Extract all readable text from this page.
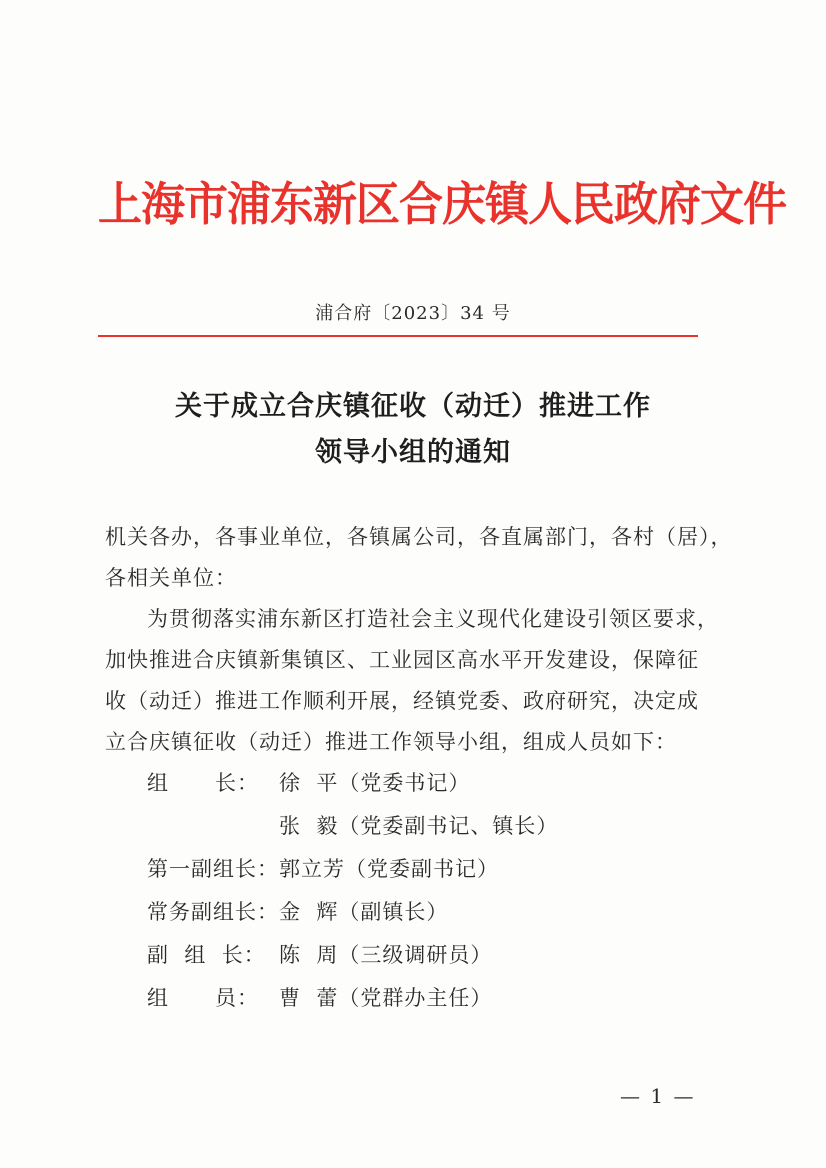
上海市浦东新区合庆镇人民政府文件
浦合府〔2023〕34 号
关于成立合庆镇征收（动迁）推进工作
领导小组的通知

机关各办，各事业单位，各镇属公司，各直属部门，各村（居），

各相关单位：

为贯彻落实浦东新区打造社会主义现代化建设引领区要求，

加快推进合庆镇新集镇区、工业园区高水平开发建设，保障征

收（动迁）推进工作顺利开展，经镇党委、政府研究，决定成

立合庆镇征收（动迁）推进工作领导小组，组成人员如下：

组      长： 徐  平（党委书记）
张  毅（党委副书记、镇长）
第一副组长： 郭立芳（党委副书记）
常务副组长： 金  辉（副镇长）
副  组  长： 陈  周（三级调研员）
组      员： 曹  蕾（党群办主任）
— 1 —
